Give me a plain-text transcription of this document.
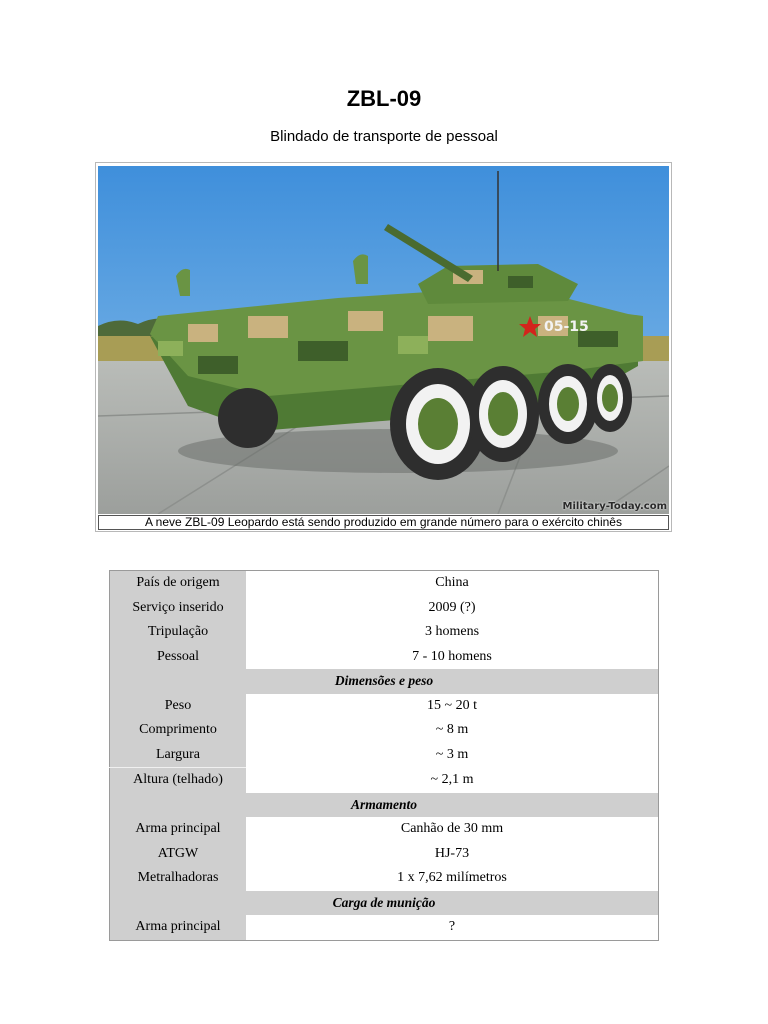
ZBL-09
Blindado de transporte de pessoal
05-15
Military-Today.com
A neve ZBL-09 Leopardo está sendo produzido em grande número para o exército chinês
País de origem	China
Serviço inserido	2009 (?)
Tripulação	3 homens
Pessoal	7 - 10 homens
Dimensões e peso	
Peso	15 ~ 20 t
Comprimento	~ 8 m
Largura	~ 3 m
Altura (telhado)	~ 2,1 m
Armamento	
Arma principal	Canhão de 30 mm
ATGW	HJ-73
Metralhadoras	1 x 7,62 milímetros
Carga de munição	
Arma principal	?
